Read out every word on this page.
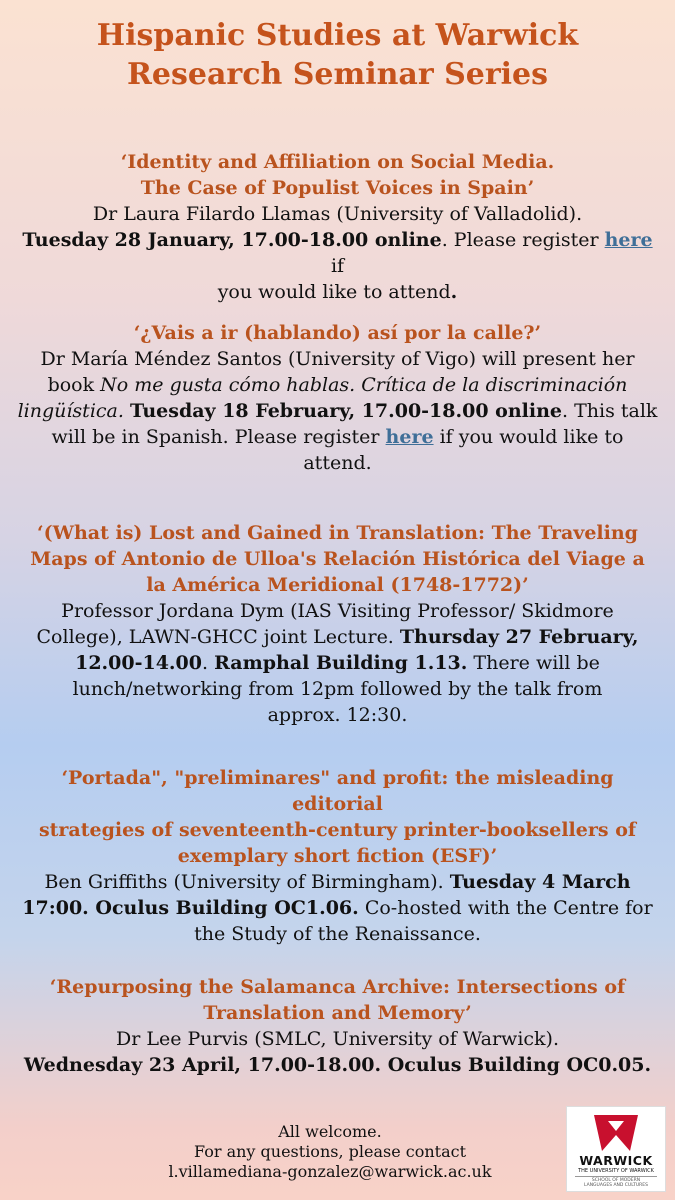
Hispanic Studies at Warwick
Research Seminar Series
‘Identity and Affiliation on Social Media.
The Case of Populist Voices in Spain’
Dr Laura Filardo Llamas (University of Valladolid).
Tuesday 28 January, 17.00-18.00 online. Please register here if
you would like to attend.
‘¿Vais a ir (hablando) así por la calle?’
Dr María Méndez Santos (University of Vigo) will present her
book No me gusta cómo hablas. Crítica de la discriminación
lingüística. Tuesday 18 February, 17.00-18.00 online. This talk
will be in Spanish. Please register here if you would like to
attend.
‘(What is) Lost and Gained in Translation: The Traveling
Maps of Antonio de Ulloa's Relación Histórica del Viage a
la América Meridional (1748-1772)’
Professor Jordana Dym (IAS Visiting Professor/ Skidmore
College), LAWN-GHCC joint Lecture. Thursday 27 February,
12.00-14.00. Ramphal Building 1.13. There will be
lunch/networking from 12pm followed by the talk from
approx. 12:30.
‘Portada", "preliminares" and profit: the misleading editorial
strategies of seventeenth-century printer-booksellers of
exemplary short fiction (ESF)’
Ben Griffiths (University of Birmingham). Tuesday 4 March
17:00. Oculus Building OC1.06. Co-hosted with the Centre for
the Study of the Renaissance.
‘Repurposing the Salamanca Archive: Intersections of
Translation and Memory’
Dr Lee Purvis (SMLC, University of Warwick).
Wednesday 23 April, 17.00-18.00. Oculus Building OC0.05.
All welcome.
For any questions, please contact
l.villamediana-gonzalez@warwick.ac.uk
WARWICK
THE UNIVERSITY OF WARWICK
SCHOOL OF MODERN
LANGUAGES AND CULTURES
